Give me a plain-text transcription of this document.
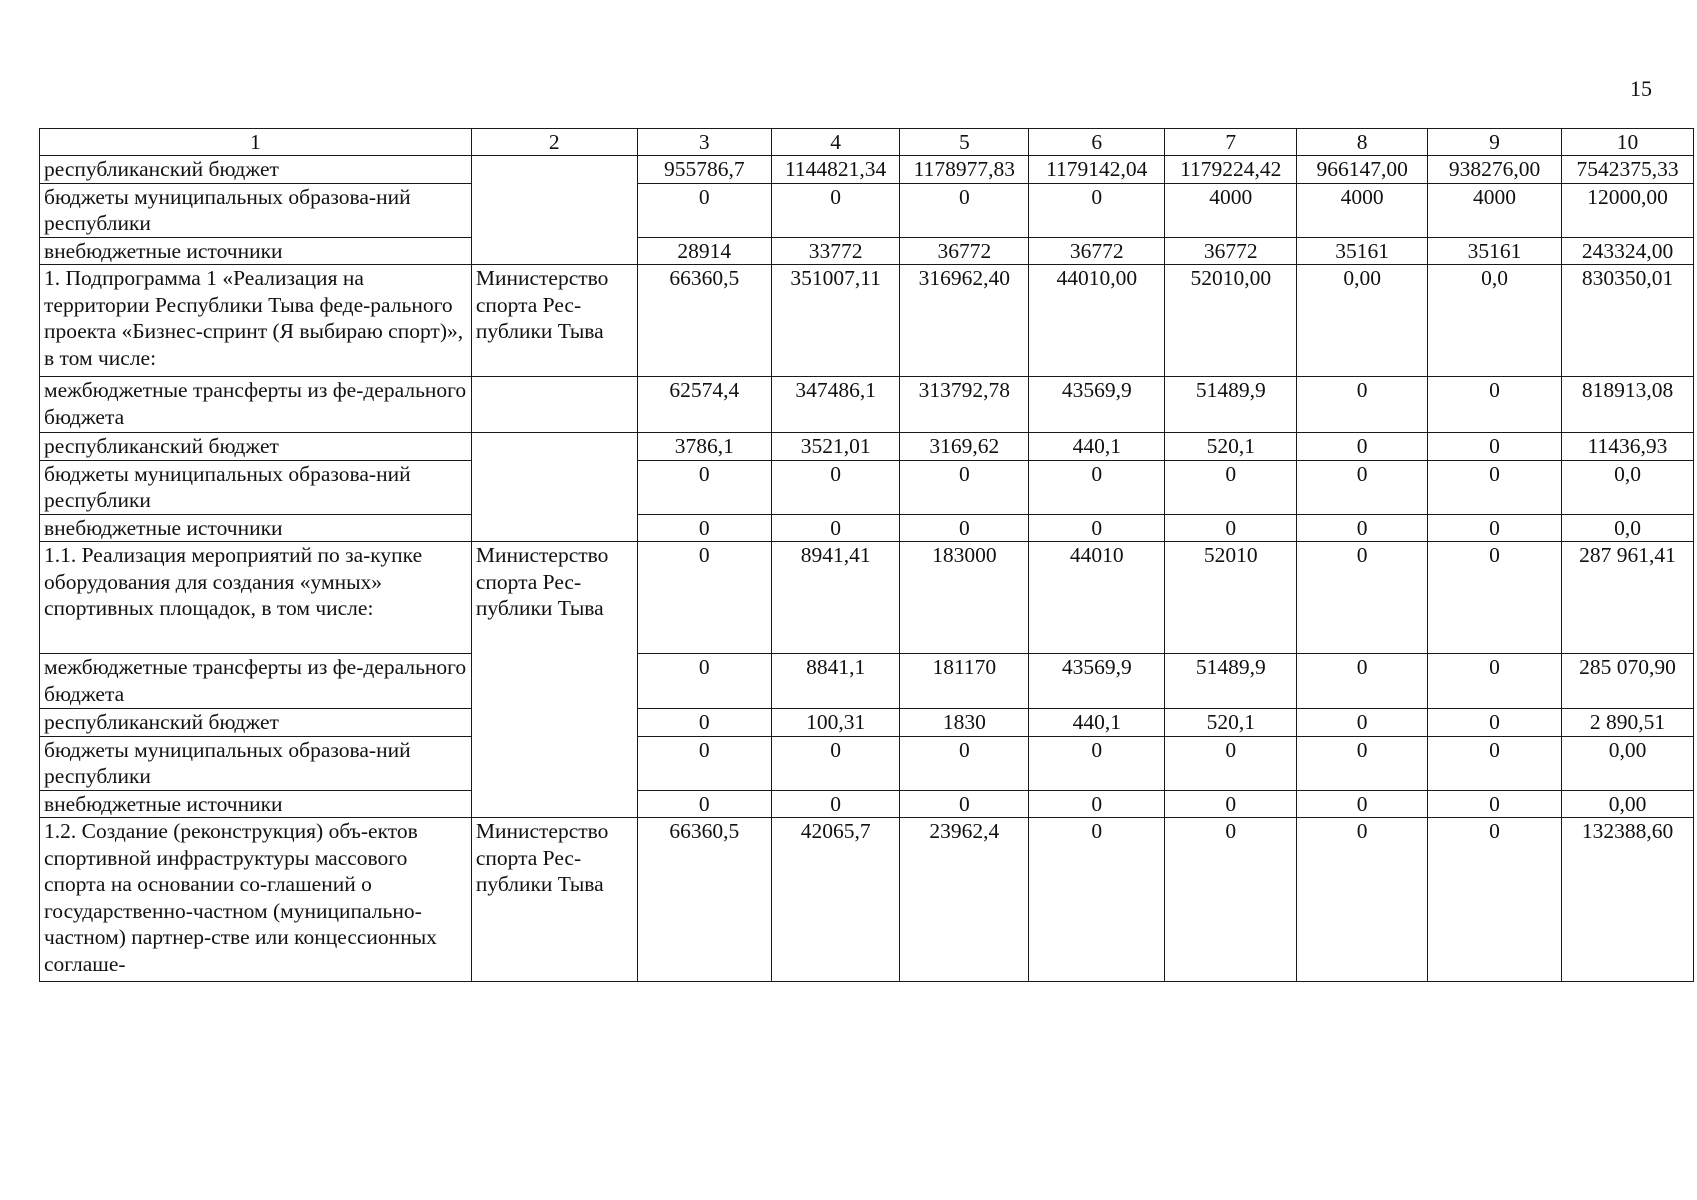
15
1	2	3	4	5	6	7	8	9	10
республиканский бюджет		955786,7	1144821,34	1178977,83	1179142,04	1179224,42	966147,00	938276,00	7542375,33
бюджеты муниципальных образова-ний республики		0	0	0	0	4000	4000	4000	12000,00
внебюджетные источники		28914	33772	36772	36772	36772	35161	35161	243324,00
1. Подпрограмма 1 «Реализация на территории Республики Тыва феде-рального проекта «Бизнес-спринт (Я выбираю спорт)», в том числе:	Министерство спорта Рес-публики Тыва	66360,5	351007,11	316962,40	44010,00	52010,00	0,00	0,0	830350,01
межбюджетные трансферты из фе-дерального бюджета		62574,4	347486,1	313792,78	43569,9	51489,9	0	0	818913,08
республиканский бюджет		3786,1	3521,01	3169,62	440,1	520,1	0	0	11436,93
бюджеты муниципальных образова-ний республики		0	0	0	0	0	0	0	0,0
внебюджетные источники		0	0	0	0	0	0	0	0,0
1.1. Реализация мероприятий по за-купке оборудования для создания «умных» спортивных площадок, в том числе:	Министерство спорта Рес-публики Тыва	0	8941,41	183000	44010	52010	0	0	287 961,41
межбюджетные трансферты из фе-дерального бюджета		0	8841,1	181170	43569,9	51489,9	0	0	285 070,90
республиканский бюджет		0	100,31	1830	440,1	520,1	0	0	2 890,51
бюджеты муниципальных образова-ний республики		0	0	0	0	0	0	0	0,00
внебюджетные источники		0	0	0	0	0	0	0	0,00
1.2. Создание (реконструкция) объ-ектов спортивной инфраструктуры массового спорта на основании со-глашений о государственно-частном (муниципально-частном) партнер-стве или концессионных соглаше-	Министерство спорта Рес-публики Тыва	66360,5	42065,7	23962,4	0	0	0	0	132388,60
